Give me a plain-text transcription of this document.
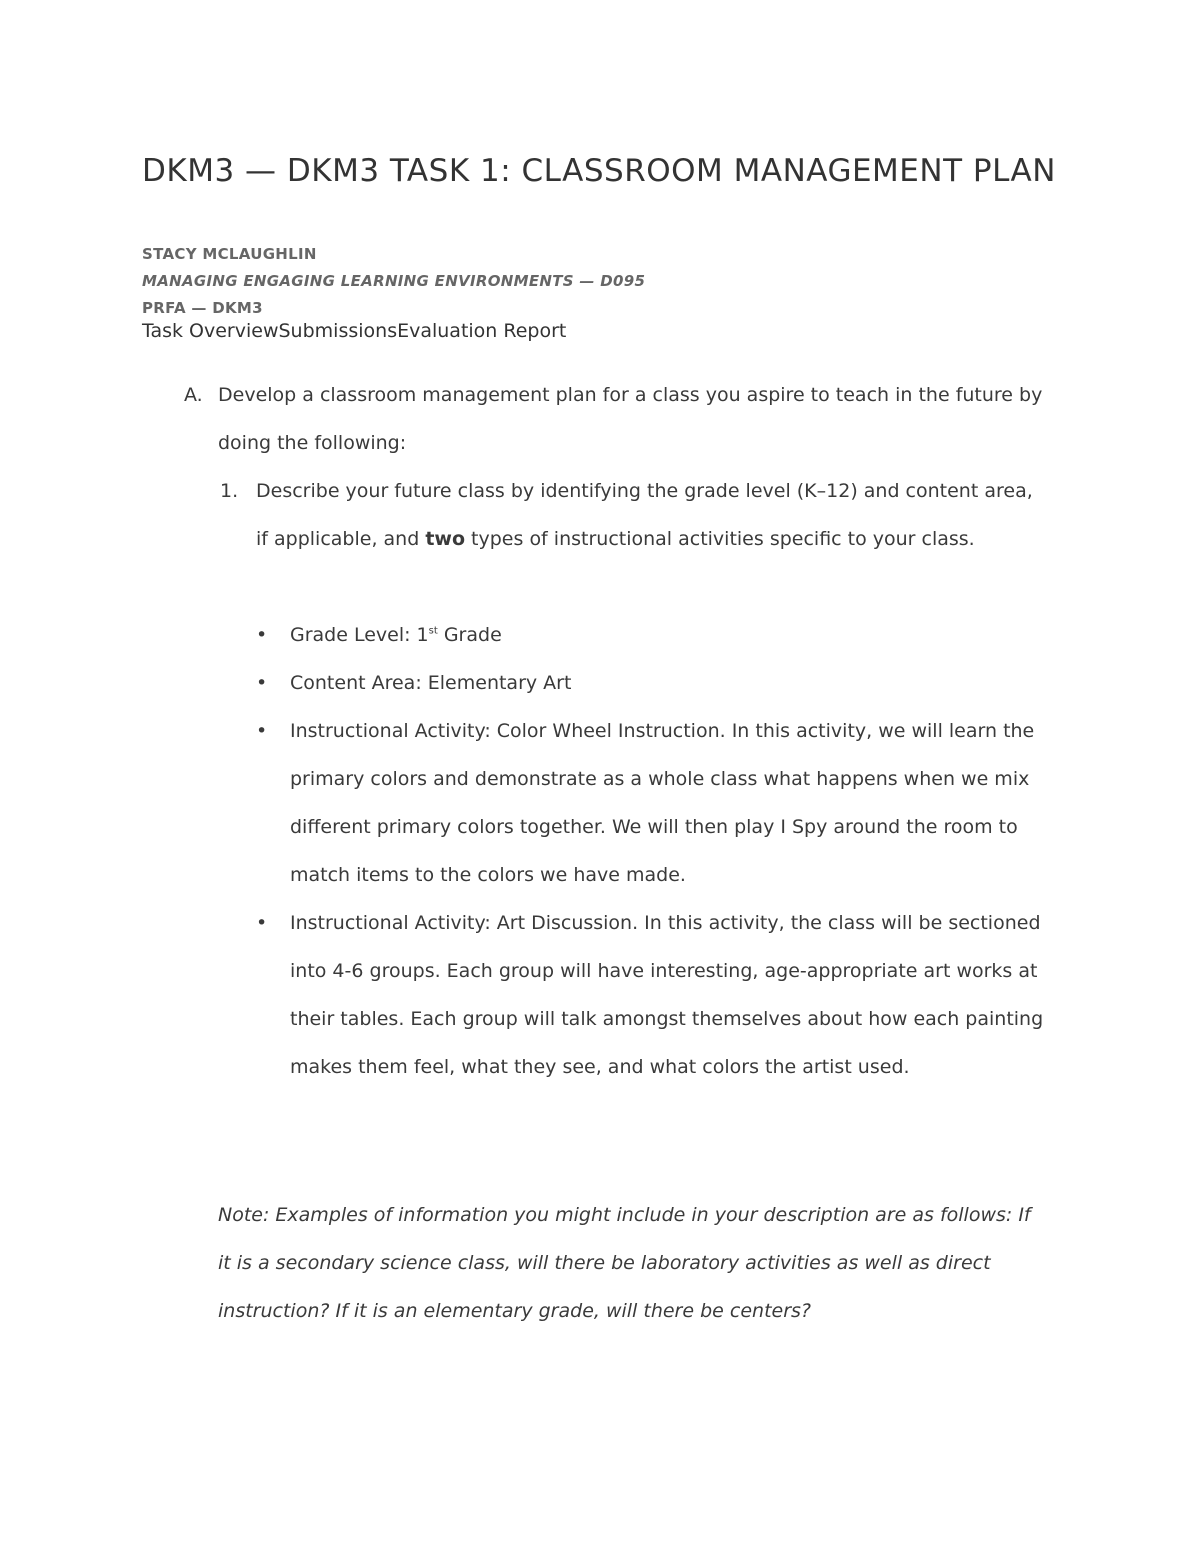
DKM3 — DKM3 TASK 1: CLASSROOM MANAGEMENT PLAN

STACY MCLAUGHLIN

MANAGING ENGAGING LEARNING ENVIRONMENTS — D095

PRFA — DKM3

Task OverviewSubmissionsEvaluation Report
A. Develop a classroom management plan for a class you aspire to teach in the future by doing the following:
1. Describe your future class by identifying the grade level (K–12) and content area, if applicable, and two types of instructional activities specific to your class.
• Grade Level: 1st Grade
• Content Area: Elementary Art
• Instructional Activity: Color Wheel Instruction. In this activity, we will learn the primary colors and demonstrate as a whole class what happens when we mix different primary colors together. We will then play I Spy around the room to match items to the colors we have made.
• Instructional Activity: Art Discussion. In this activity, the class will be sectioned into 4-6 groups. Each group will have interesting, age-appropriate art works at their tables. Each group will talk amongst themselves about how each painting makes them feel, what they see, and what colors the artist used.
Note: Examples of information you might include in your description are as follows: If it is a secondary science class, will there be laboratory activities as well as direct instruction? If it is an elementary grade, will there be centers?
